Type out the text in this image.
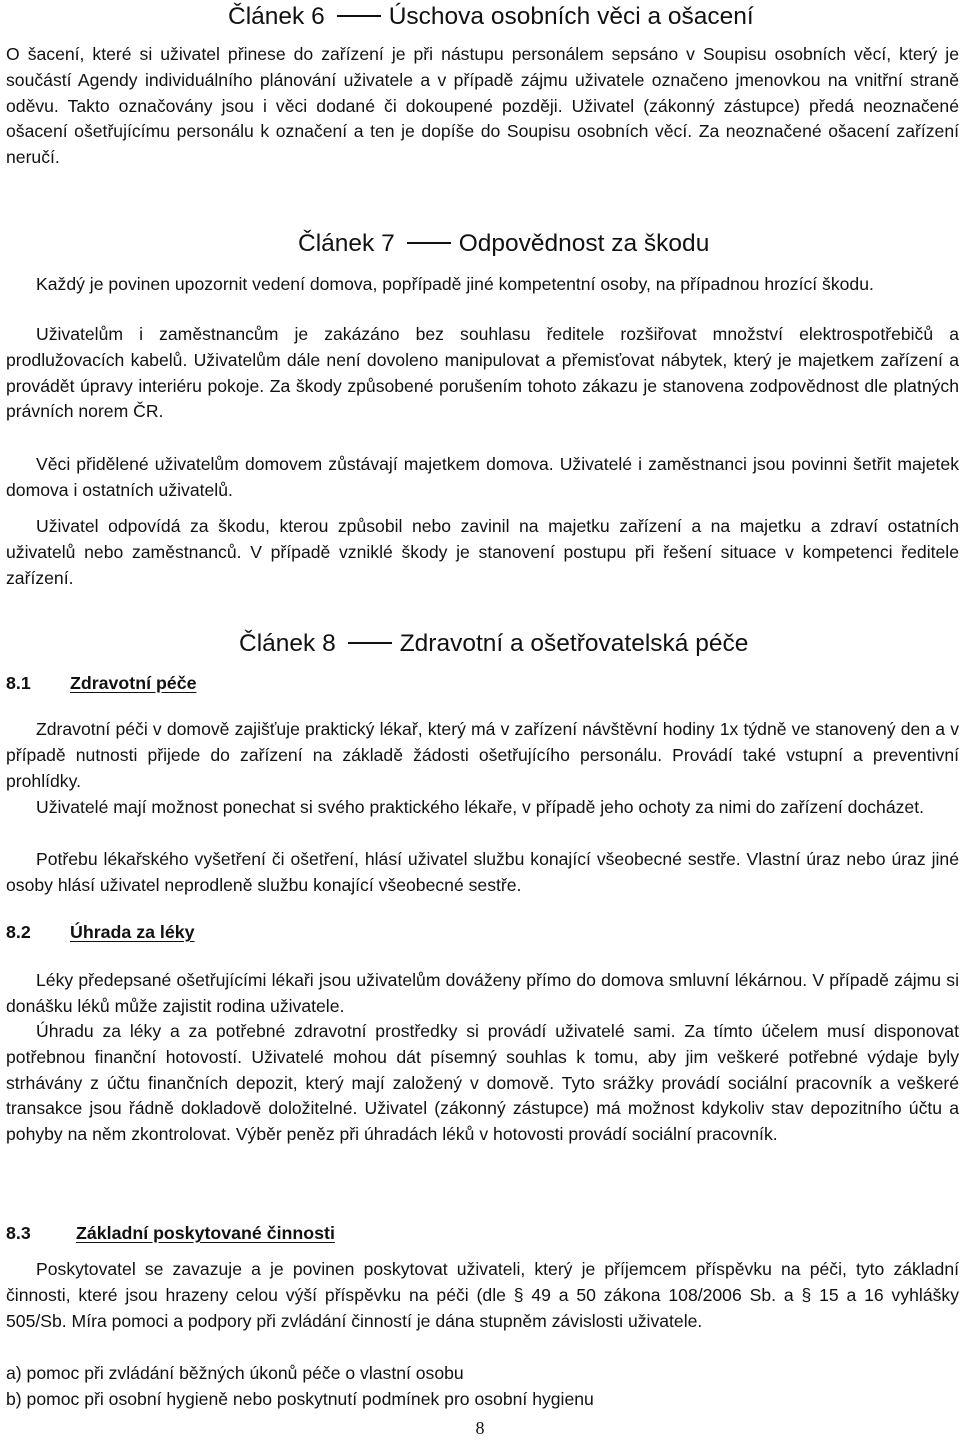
Článek 6	Úschova osobních věci a ošacení
O šacení, které si uživatel přinese do zařízení je při nástupu personálem sepsáno v Soupisu osobních věcí, který je součástí Agendy individuálního plánování uživatele a v případě zájmu uživatele označeno jmenovkou na vnitřní straně oděvu. Takto označovány jsou i věci dodané či dokoupené později. Uživatel (zákonný zástupce) předá neoznačené ošacení ošetřujícímu personálu k označení a ten je dopíše do Soupisu osobních věcí. Za neoznačené ošacení zařízení neručí.
Článek 7	Odpovědnost za škodu
Každý je povinen upozornit vedení domova, popřípadě jiné kompetentní osoby, na případnou hrozící škodu.
Uživatelům i zaměstnancům je zakázáno bez souhlasu ředitele rozšiřovat množství elektrospotřebičů a prodlužovacích kabelů. Uživatelům dále není dovoleno manipulovat a přemisťovat nábytek, který je majetkem zařízení a provádět úpravy interiéru pokoje. Za škody způsobené porušením tohoto zákazu je stanovena zodpovědnost dle platných právních norem ČR.
Věci přidělené uživatelům domovem zůstávají majetkem domova. Uživatelé i zaměstnanci jsou povinni šetřit majetek domova i ostatních uživatelů.
Uživatel odpovídá za škodu, kterou způsobil nebo zavinil na majetku zařízení a na majetku a zdraví ostatních uživatelů nebo zaměstnanců. V případě vzniklé škody je stanovení postupu při řešení situace v kompetenci ředitele zařízení.
Článek 8	Zdravotní a ošetřovatelská péče
8.1 Zdravotní péče
Zdravotní péči v domově zajišťuje praktický lékař, který má v zařízení návštěvní hodiny 1x týdně ve stanovený den a v případě nutnosti přijede do zařízení na základě žádosti ošetřujícího personálu. Provádí také vstupní a preventivní prohlídky.
Uživatelé mají možnost ponechat si svého praktického lékaře, v případě jeho ochoty za nimi do zařízení docházet.
Potřebu lékařského vyšetření či ošetření, hlásí uživatel službu konající všeobecné sestře. Vlastní úraz nebo úraz jiné osoby hlásí uživatel neprodleně službu konající všeobecné sestře.
8.2 Úhrada za léky
Léky předepsané ošetřujícími lékaři jsou uživatelům dováženy přímo do domova smluvní lékárnou. V případě zájmu si donášku léků může zajistit rodina uživatele.
Úhradu za léky a za potřebné zdravotní prostředky si provádí uživatelé sami. Za tímto účelem musí disponovat potřebnou finanční hotovostí. Uživatelé mohou dát písemný souhlas k tomu, aby jim veškeré potřebné výdaje byly strhávány z účtu finančních depozit, který mají založený v domově. Tyto srážky provádí sociální pracovník a veškeré transakce jsou řádně dokladově doložitelné. Uživatel (zákonný zástupce) má možnost kdykoliv stav depozitního účtu a pohyby na něm zkontrolovat. Výběr peněz při úhradách léků v hotovosti provádí sociální pracovník.
8.3	Základní poskytované činnosti
Poskytovatel se zavazuje a je povinen poskytovat uživateli, který je příjemcem příspěvku na péči, tyto základní činnosti, které jsou hrazeny celou výší příspěvku na péči (dle § 49 a 50 zákona 108/2006 Sb. a § 15 a 16 vyhlášky 505/Sb. Míra pomoci a podpory při zvládání činností je dána stupněm závislosti uživatele.
a) pomoc při zvládání běžných úkonů péče o vlastní osobu
b) pomoc při osobní hygieně nebo poskytnutí podmínek pro osobní hygienu
8
